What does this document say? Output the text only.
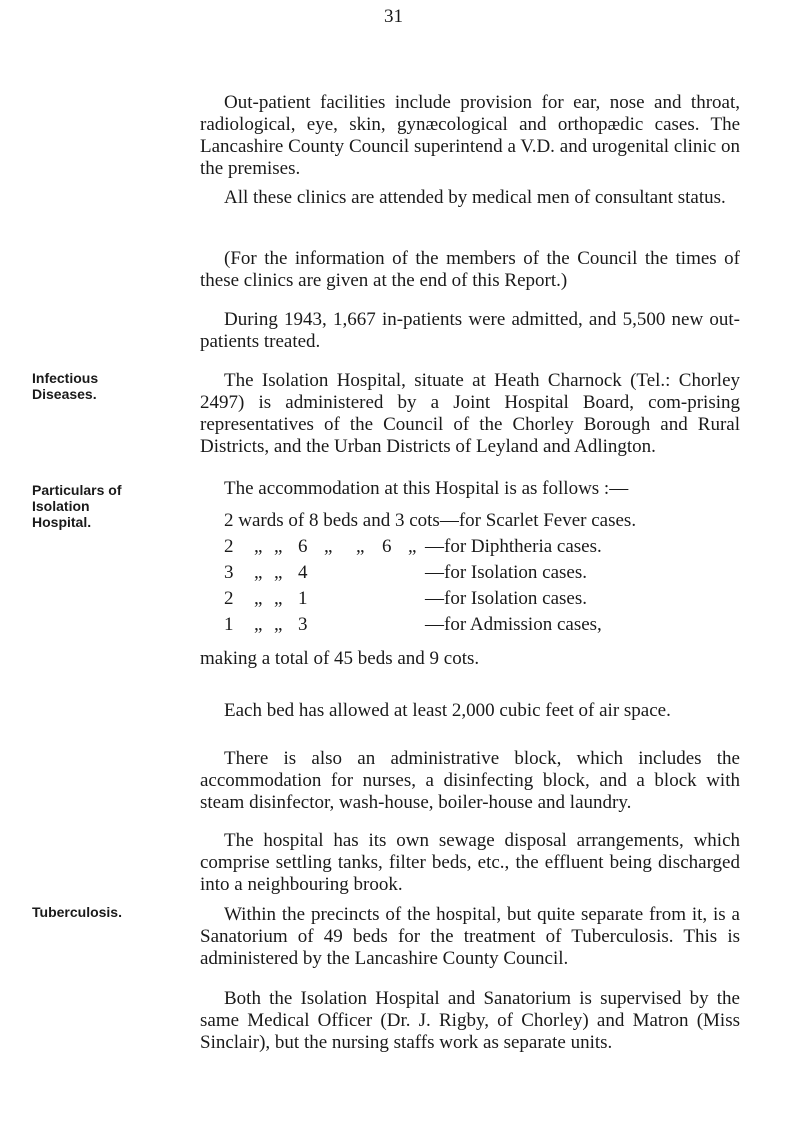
31
Infectious
Diseases.
Particulars of
Isolation
Hospital.
Tuberculosis.

Out-patient facilities include provision for ear, nose and throat, radiological, eye, skin, gynæcological and orthopædic cases. The Lancashire County Council superintend a V.D. and urogenital clinic on the premises.

All these clinics are attended by medical men of consultant status.

(For the information of the members of the Council the times of these clinics are given at the end of this Report.)

During 1943, 1,667 in-patients were admitted, and 5,500 new out-patients treated.

The Isolation Hospital, situate at Heath Charnock (Tel.: Chorley 2497) is administered by a Joint Hospital Board, com-prising representatives of the Council of the Chorley Borough and Rural Districts, and the Urban Districts of Leyland and Adlington.

The accommodation at this Hospital is as follows :—
2 wards of 8 beds and 3 cots—for Scarlet Fever cases.
2 „ „ 6 „ „ 6 „ —for Diphtheria cases.
3 „ „ 4	—for Isolation cases.
2 „ „ 1	—for Isolation cases.
1 „ „ 3	—for Admission cases,
making a total of 45 beds and 9 cots.

Each bed has allowed at least 2,000 cubic feet of air space.

There is also an administrative block, which includes the accommodation for nurses, a disinfecting block, and a block with steam disinfector, wash-house, boiler-house and laundry.

The hospital has its own sewage disposal arrangements, which comprise settling tanks, filter beds, etc., the effluent being discharged into a neighbouring brook.

Within the precincts of the hospital, but quite separate from it, is a Sanatorium of 49 beds for the treatment of Tuberculosis. This is administered by the Lancashire County Council.

Both the Isolation Hospital and Sanatorium is supervised by the same Medical Officer (Dr. J. Rigby, of Chorley) and Matron (Miss Sinclair), but the nursing staffs work as separate units.
